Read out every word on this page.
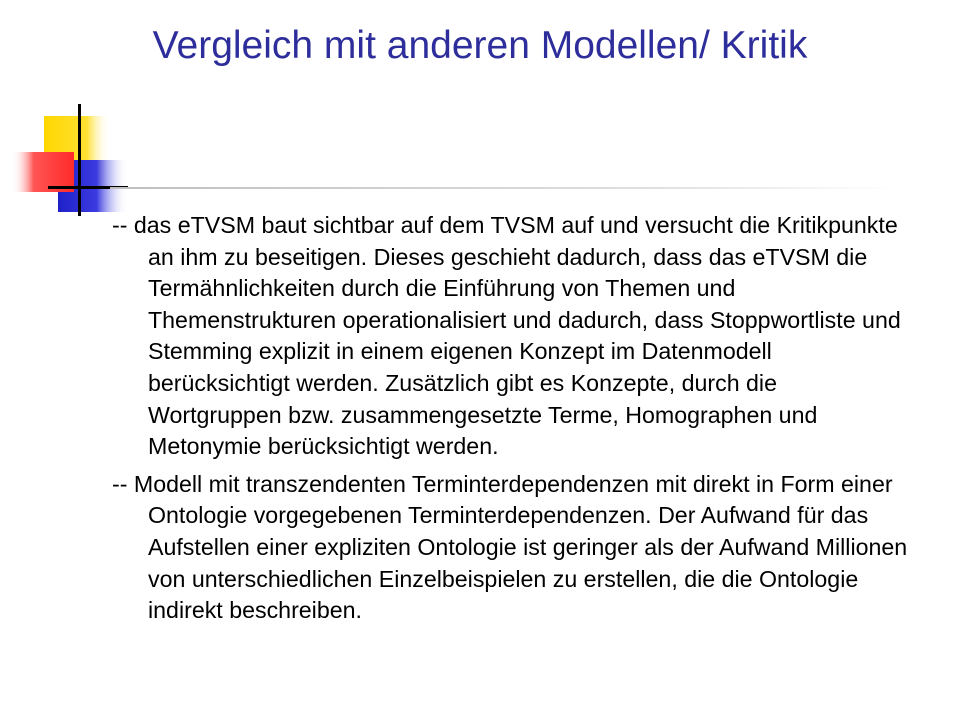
Vergleich mit anderen Modellen/ Kritik

-- das eTVSM baut sichtbar auf dem TVSM auf und versucht die Kritikpunkte an ihm zu beseitigen. Dieses geschieht dadurch, dass das eTVSM die Termähnlichkeiten durch die Einführung von Themen und Themenstrukturen operationalisiert und dadurch, dass Stoppwortliste und Stemming explizit in einem eigenen Konzept im Datenmodell berücksichtigt werden. Zusätzlich gibt es Konzepte, durch die Wortgruppen bzw. zusammengesetzte Terme, Homographen und Metonymie berücksichtigt werden.

-- Modell mit transzendenten Terminterdependenzen mit direkt in Form einer Ontologie vorgegebenen Terminterdependenzen. Der Aufwand für das Aufstellen einer expliziten Ontologie ist geringer als der Aufwand Millionen von unterschiedlichen Einzelbeispielen zu erstellen, die die Ontologie indirekt beschreiben.
